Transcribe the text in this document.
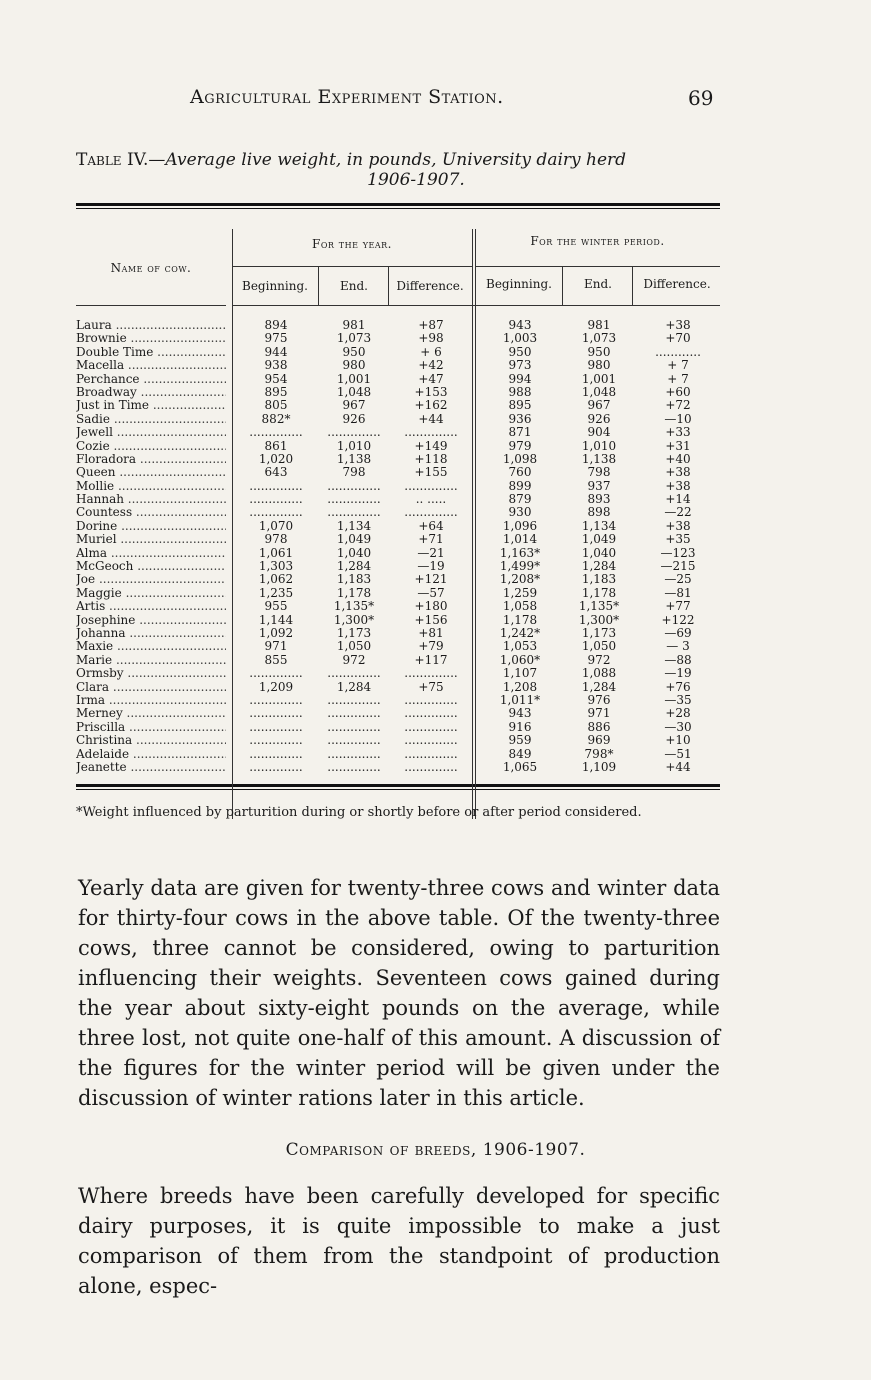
Agricultural Experiment Station.	69
Table IV.—Average live weight, in pounds, University dairy herd
1906-1907.
Name of cow.
For the year.	For the winter period.
Beginning.	End.	Difference.	Beginning.	End.	Difference.
Laura .....	894	981	+87	943	981	+38
Brownie .....	975	1,073	+98	1,003	1,073	+70
Double Time .....	944	950	+ 6	950	950	............
Macella .....	938	980	+42	973	980	+ 7
Perchance .....	954	1,001	+47	994	1,001	+ 7
Broadway .....	895	1,048	+153	988	1,048	+60
Just in Time .....	805	967	+162	895	967	+72
Sadie .....	882*	926	+44	936	926	—10
Jewell .....	..............	..............	..............	871	904	+33
Cozie .....	861	1,010	+149	979	1,010	+31
Floradora .....	1,020	1,138	+118	1,098	1,138	+40
Queen .....	643	798	+155	760	798	+38
Mollie .....	..............	..............	..............	899	937	+38
Hannah .....	..............	..............	.. .....	879	893	+14
Countess .....	..............	..............	..............	930	898	—22
Dorine .....	1,070	1,134	+64	1,096	1,134	+38
Muriel .....	978	1,049	+71	1,014	1,049	+35
Alma .....	1,061	1,040	—21	1,163*	1,040	—123
McGeoch .....	1,303	1,284	—19	1,499*	1,284	—215
Joe .....	1,062	1,183	+121	1,208*	1,183	—25
Maggie .....	1,235	1,178	—57	1,259	1,178	—81
Artis .....	955	1,135*	+180	1,058	1,135*	+77
Josephine .....	1,144	1,300*	+156	1,178	1,300*	+122
Johanna .....	1,092	1,173	+81	1,242*	1,173	—69
Maxie .....	971	1,050	+79	1,053	1,050	— 3
Marie .....	855	972	+117	1,060*	972	—88
Ormsby .....	..............	..............	..............	1,107	1,088	—19
Clara .....	1,209	1,284	+75	1,208	1,284	+76
Irma .....	..............	..............	..............	1,011*	976	—35
Merney .....	..............	..............	..............	943	971	+28
Priscilla .....	..............	..............	..............	916	886	—30
Christina .....	..............	..............	..............	959	969	+10
Adelaide .....	..............	..............	..............	849	798*	—51
Jeanette .....	..............	..............	..............	1,065	1,109	+44
*Weight influenced by parturition during or shortly before or after period considered.
Yearly data are given for twenty-three cows and winter data for thirty-four cows in the above table. Of the twenty-three cows, three cannot be considered, owing to parturition influencing their weights. Seventeen cows gained during the year about sixty-eight pounds on the average, while three lost, not quite one-half of this amount. A discussion of the figures for the winter period will be given under the discussion of winter rations later in this article.
Comparison of breeds, 1906-1907.
Where breeds have been carefully developed for specific dairy purposes, it is quite impossible to make a just comparison of them from the standpoint of production alone, espec-
